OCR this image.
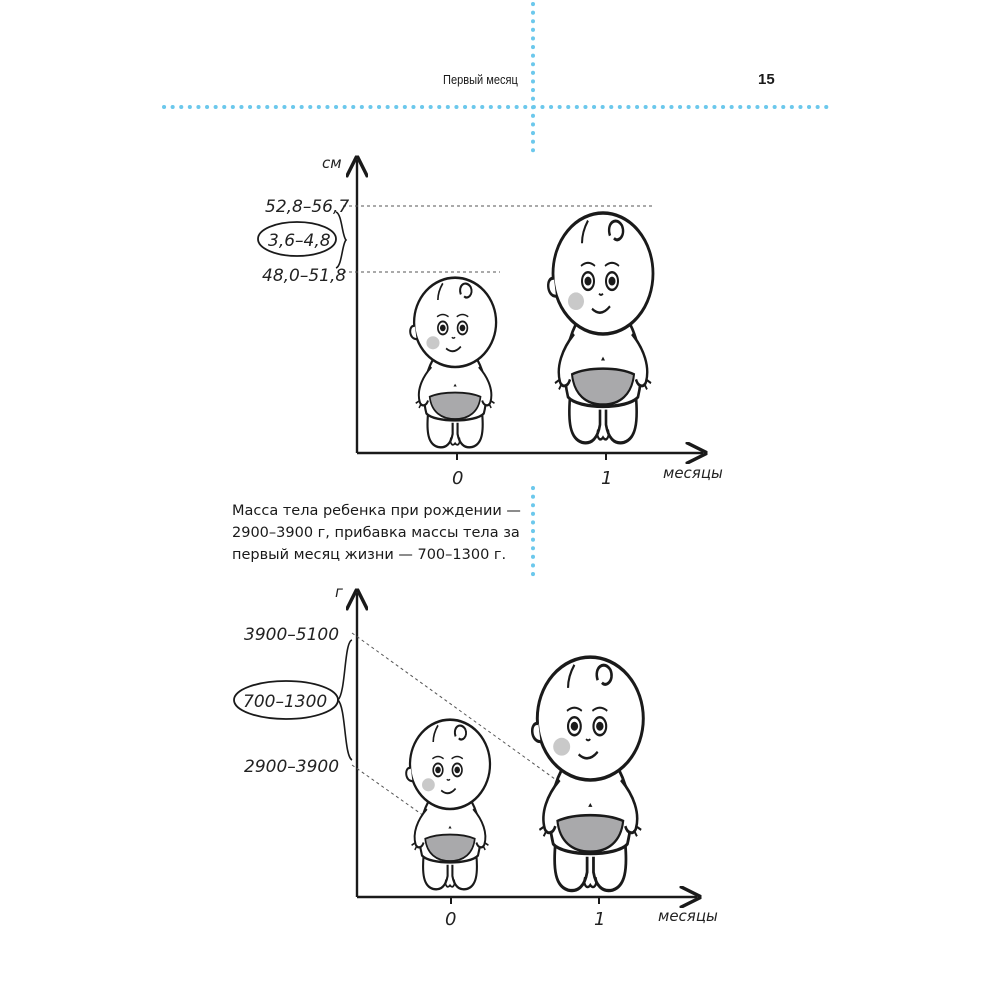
Первый месяц	15
Масса тела ребенка при рождении —
2900–3900 г, прибавка массы тела за
первый месяц жизни — 700–1300 г.
см
месяцы
0	1
52,8–56,7
48,0–51,8
3,6–4,8
г
месяцы
0	1
3900–5100
2900–3900
700–1300
